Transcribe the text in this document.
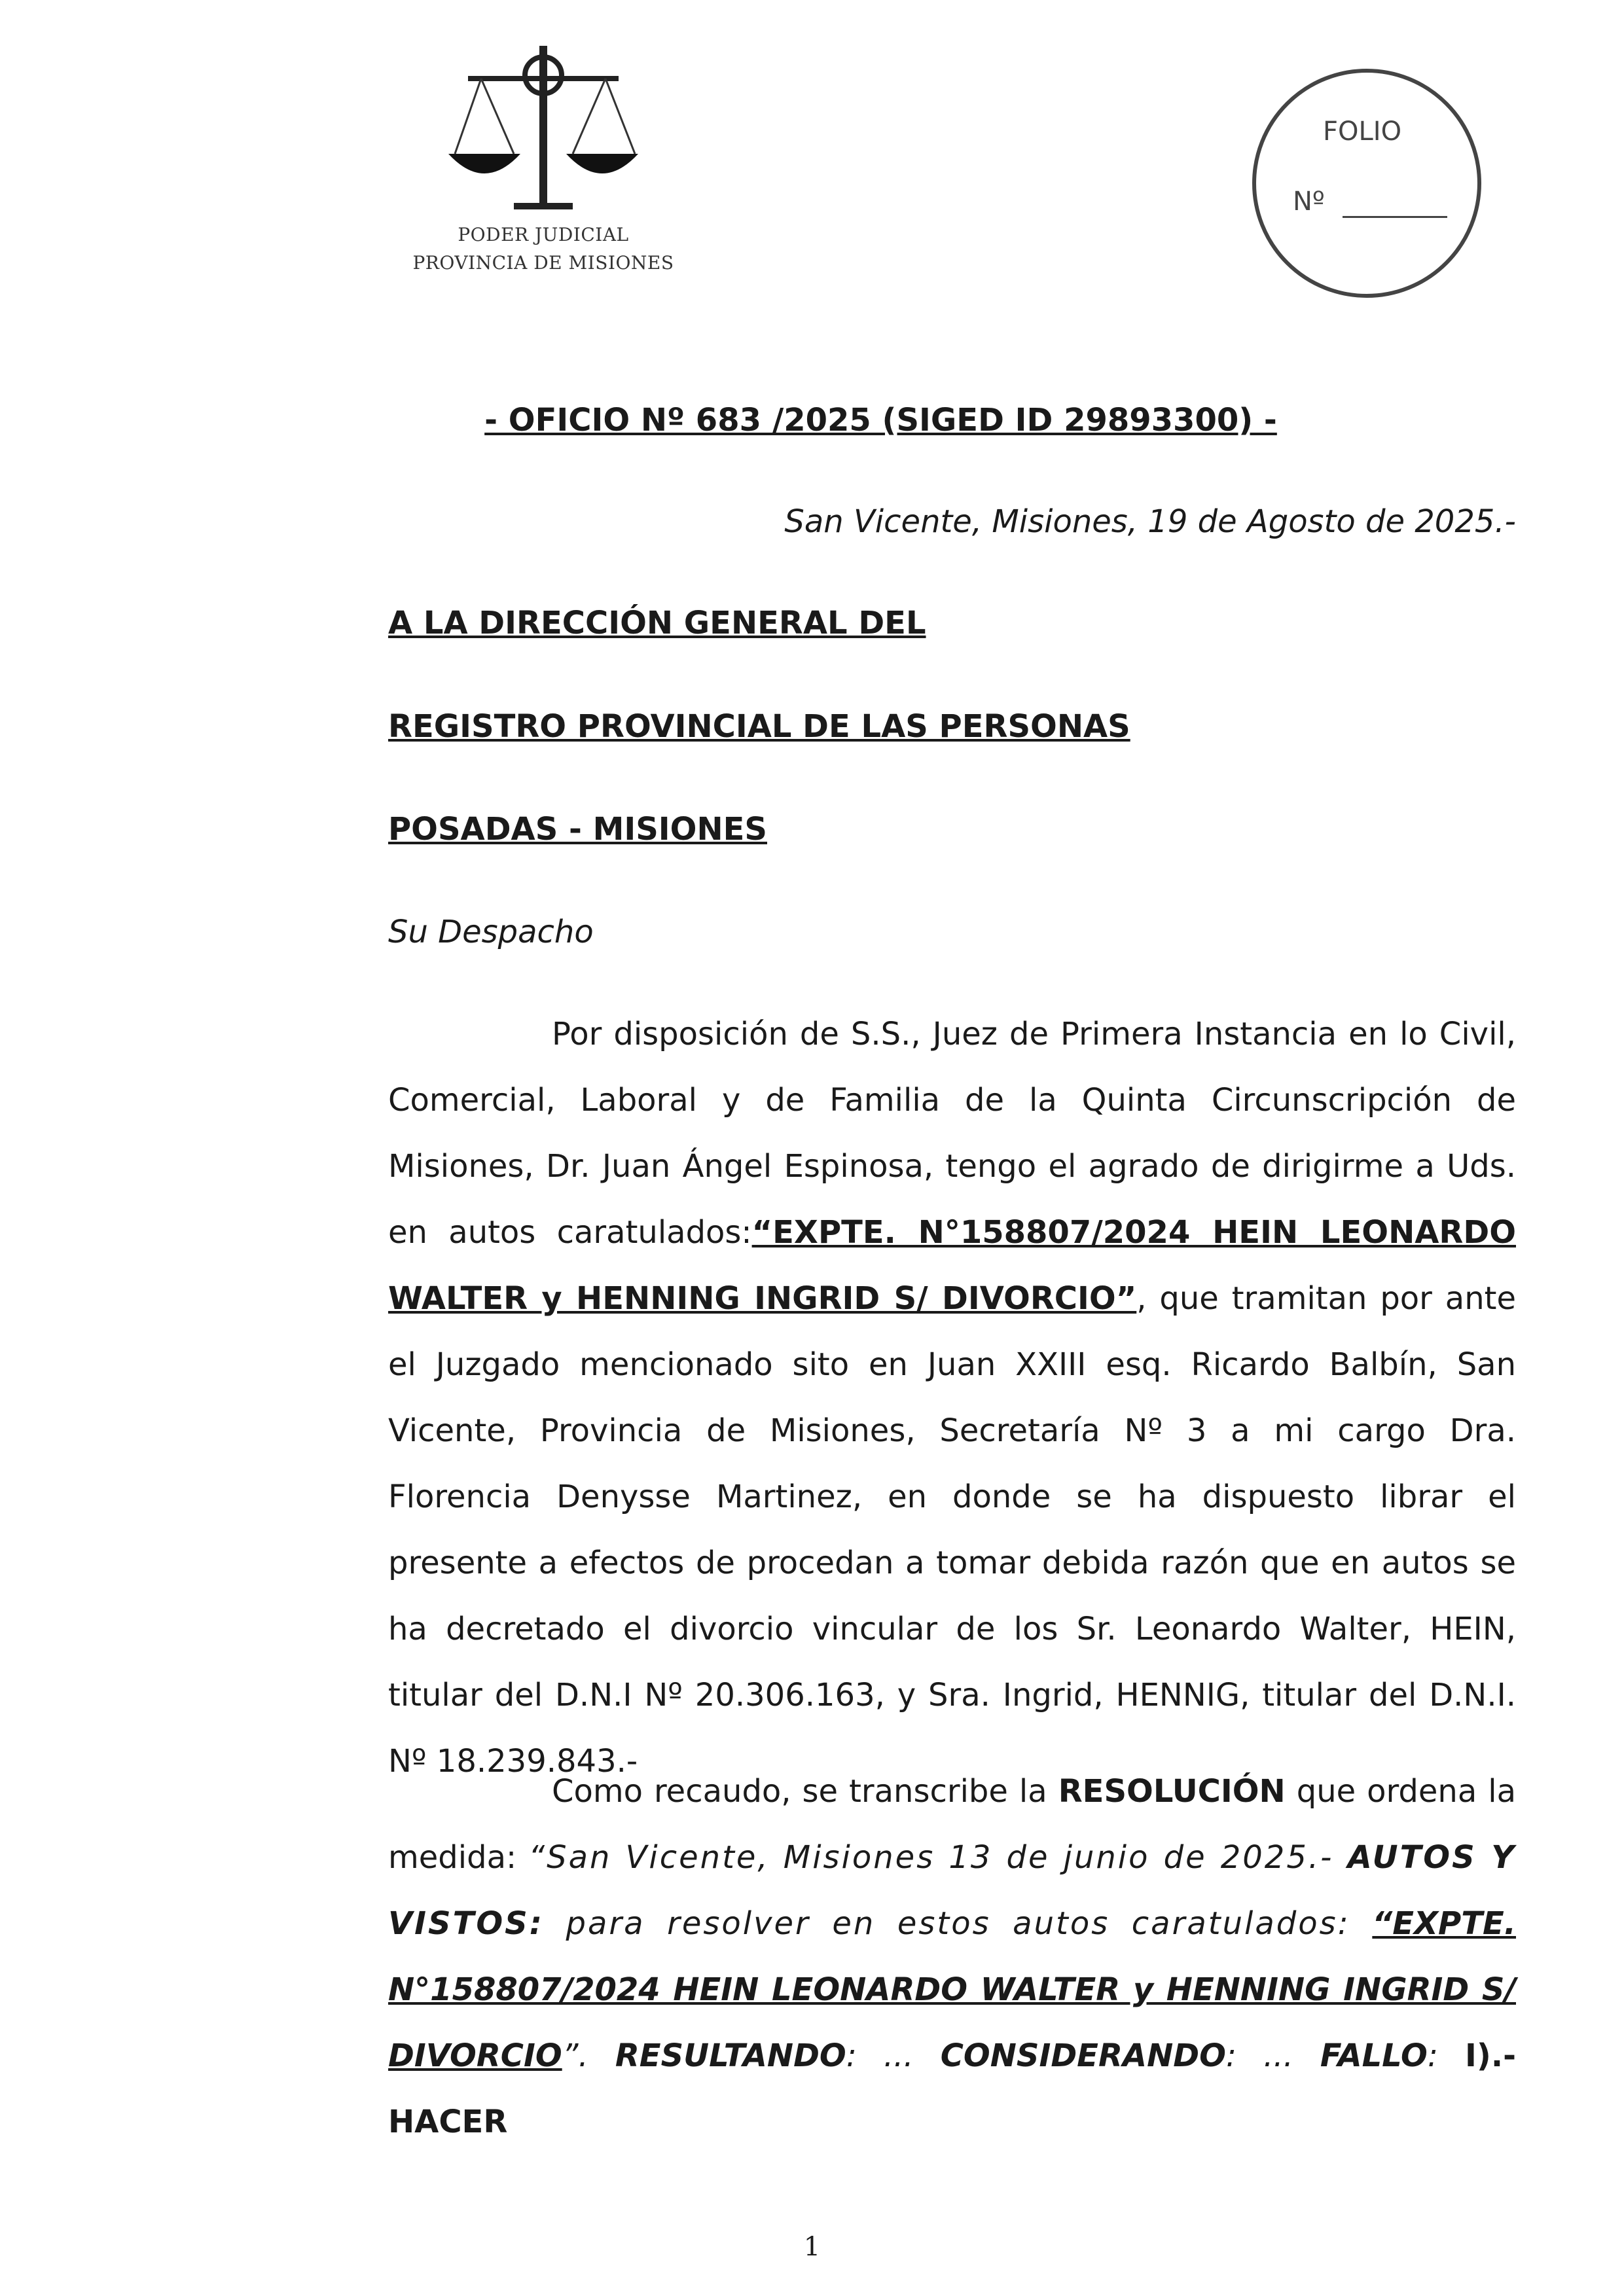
PODER JUDICIAL
PROVINCIA DE MISIONES
FOLIO
Nº
- OFICIO Nº 683 /2025 (SIGED ID 29893300) -
San Vicente, Misiones, 19 de Agosto de 2025.-
A LA DIRECCIÓN GENERAL DEL
REGISTRO PROVINCIAL DE LAS PERSONAS
POSADAS - MISIONES
Su Despacho
Por disposición de S.S., Juez de Primera Instancia en lo Civil, Comercial, Laboral y de Familia de la Quinta Circunscripción de Misiones, Dr. Juan Ángel Espinosa, tengo el agrado de dirigirme a Uds. en autos caratulados:“EXPTE. N°158807/2024 HEIN LEONARDO WALTER y HENNING INGRID S/ DIVORCIO”, que tramitan por ante el Juzgado mencionado sito en Juan XXIII esq. Ricardo Balbín, San Vicente, Provincia de Misiones, Secretaría Nº 3 a mi cargo Dra. Florencia Denysse Martinez, en donde se ha dispuesto librar el presente a efectos de procedan a tomar debida razón que en autos se ha decretado el divorcio vincular de los Sr. Leonardo Walter, HEIN, titular del D.N.I Nº 20.306.163, y Sra. Ingrid, HENNIG, titular del D.N.I. Nº 18.239.843.-
Como recaudo, se transcribe la RESOLUCIÓN que ordena la medida: “San Vicente, Misiones 13 de junio de 2025.- AUTOS Y VISTOS: para resolver en estos autos caratulados: “EXPTE. N°158807/2024 HEIN LEONARDO WALTER y HENNING INGRID S/ DIVORCIO”. RESULTANDO: ... CONSIDERANDO: ... FALLO: I).- HACER
1
